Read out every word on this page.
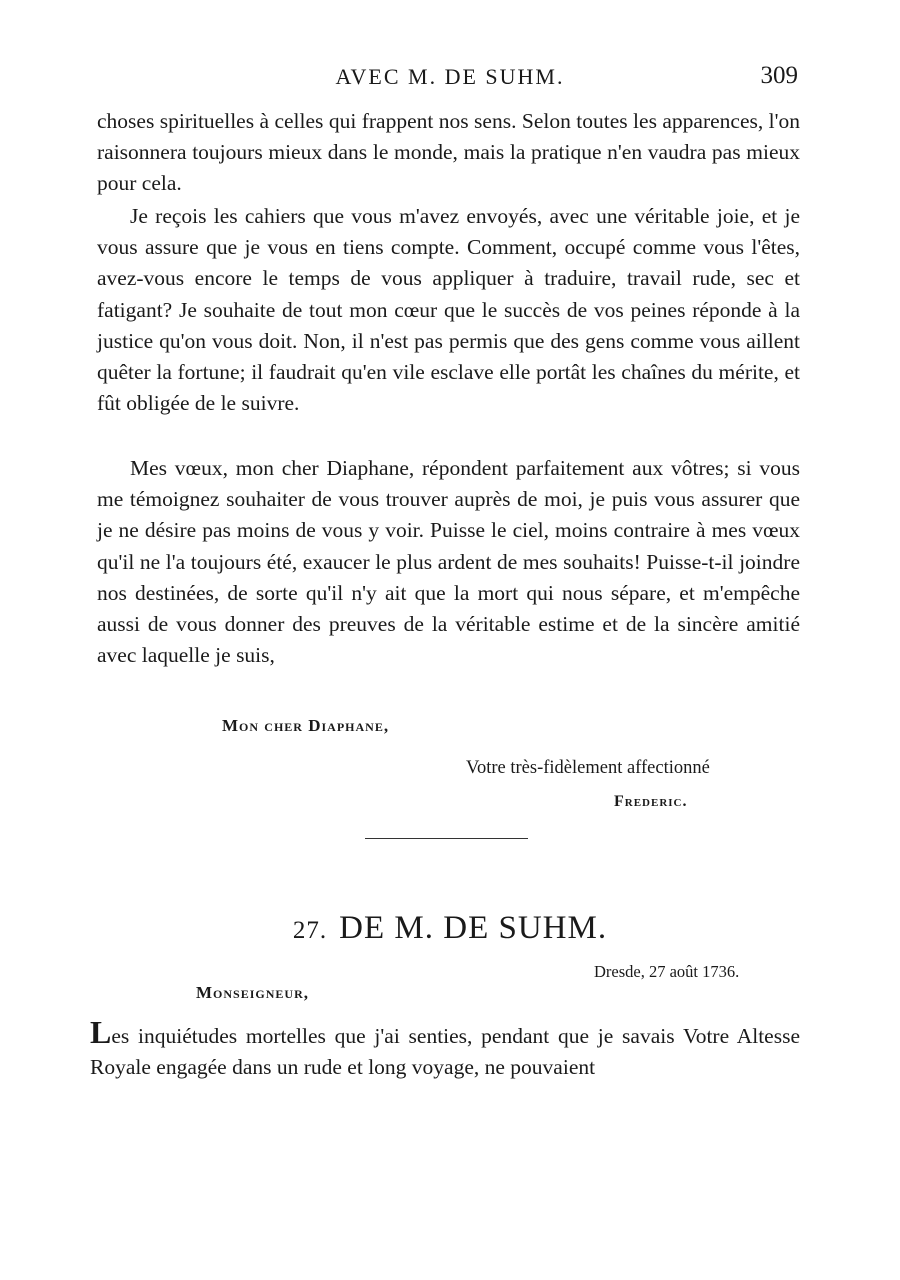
AVEC M. DE SUHM.	309

choses spirituelles à celles qui frappent nos sens. Selon toutes les apparences, l'on raisonnera toujours mieux dans le monde, mais la pratique n'en vaudra pas mieux pour cela.

Je reçois les cahiers que vous m'avez envoyés, avec une véritable joie, et je vous assure que je vous en tiens compte. Comment, occupé comme vous l'êtes, avez-vous encore le temps de vous appliquer à traduire, travail rude, sec et fatigant? Je souhaite de tout mon cœur que le succès de vos peines réponde à la justice qu'on vous doit. Non, il n'est pas permis que des gens comme vous aillent quêter la fortune; il faudrait qu'en vile esclave elle portât les chaînes du mérite, et fût obligée de le suivre.

Mes vœux, mon cher Diaphane, répondent parfaitement aux vôtres; si vous me témoignez souhaiter de vous trouver auprès de moi, je puis vous assurer que je ne désire pas moins de vous y voir. Puisse le ciel, moins contraire à mes vœux qu'il ne l'a toujours été, exaucer le plus ardent de mes souhaits! Puisse-t-il joindre nos destinées, de sorte qu'il n'y ait que la mort qui nous sépare, et m'empêche aussi de vous donner des preuves de la véritable estime et de la sincère amitié avec laquelle je suis,

Mon cher Diaphane,
Votre très-fidèlement affectionné
Frederic.
27. DE M. DE SUHM.
Dresde, 27 août 1736.
Monseigneur,

Les inquiétudes mortelles que j'ai senties, pendant que je savais Votre Altesse Royale engagée dans un rude et long voyage, ne pouvaient
